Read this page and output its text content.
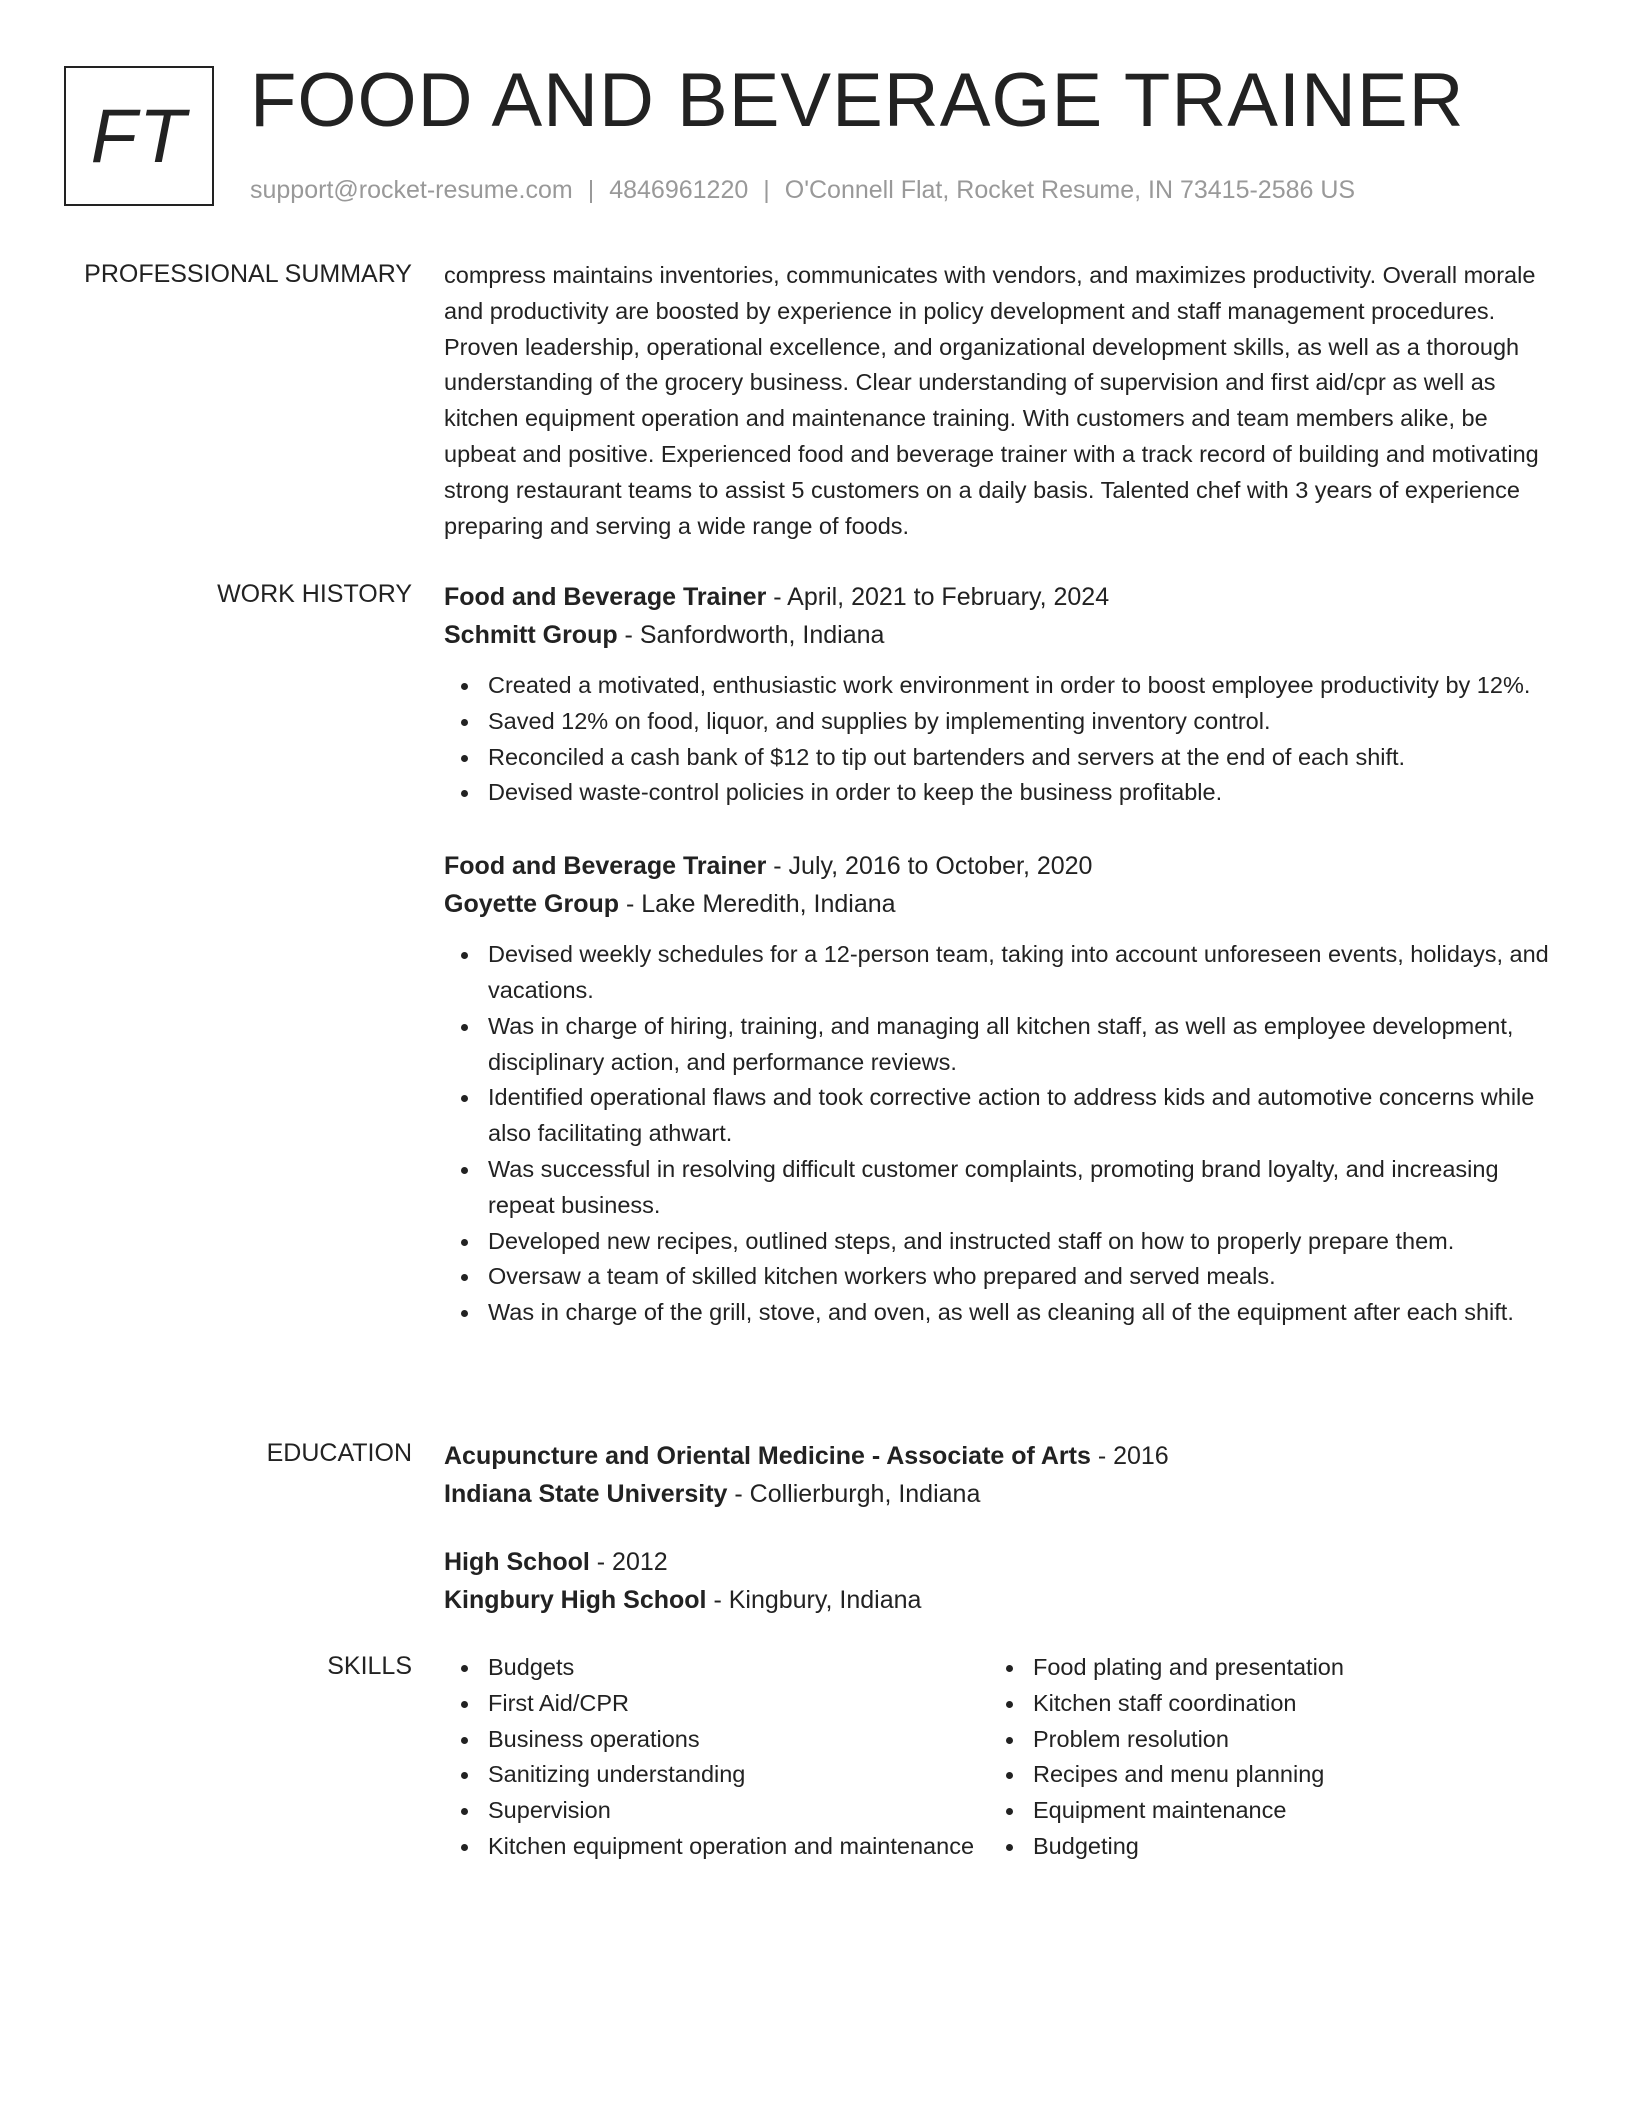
FT FOOD AND BEVERAGE TRAINER
support@rocket-resume.com | 4846961220 | O'Connell Flat, Rocket Resume, IN 73415-2586 US
PROFESSIONAL SUMMARY compress maintains inventories, communicates with vendors, and maximizes productivity. Overall morale and productivity are boosted by experience in policy development and staff management procedures. Proven leadership, operational excellence, and organizational development skills, as well as a thorough understanding of the grocery business. Clear understanding of supervision and first aid/cpr as well as kitchen equipment operation and maintenance training. With customers and team members alike, be upbeat and positive. Experienced food and beverage trainer with a track record of building and motivating strong restaurant teams to assist 5 customers on a daily basis. Talented chef with 3 years of experience preparing and serving a wide range of foods.

WORK HISTORY Food and Beverage Trainer - April, 2021 to February, 2024

Schmitt Group - Sanfordworth, Indiana

Created a motivated, enthusiastic work environment in order to boost employee productivity by 12%.
Saved 12% on food, liquor, and supplies by implementing inventory control.
Reconciled a cash bank of $12 to tip out bartenders and servers at the end of each shift.
Devised waste-control policies in order to keep the business profitable.

Food and Beverage Trainer - July, 2016 to October, 2020

Goyette Group - Lake Meredith, Indiana

Devised weekly schedules for a 12-person team, taking into account unforeseen events, holidays, and vacations.
Was in charge of hiring, training, and managing all kitchen staff, as well as employee development, disciplinary action, and performance reviews.
Identified operational flaws and took corrective action to address kids and automotive concerns while also facilitating athwart.
Was successful in resolving difficult customer complaints, promoting brand loyalty, and increasing repeat business.
Developed new recipes, outlined steps, and instructed staff on how to properly prepare them.
Oversaw a team of skilled kitchen workers who prepared and served meals.
Was in charge of the grill, stove, and oven, as well as cleaning all of the equipment after each shift.
EDUCATION Acupuncture and Oriental Medicine - Associate of Arts - 2016

Indiana State University - Collierburgh, Indiana

High School - 2012

Kingbury High School - Kingbury, Indiana

SKILLS	Budgets
First Aid/CPR
Business operations
Sanitizing understanding
Supervision
Kitchen equipment operation and maintenance
Food plating and presentation
Kitchen staff coordination
Problem resolution
Recipes and menu planning
Equipment maintenance
Budgeting
